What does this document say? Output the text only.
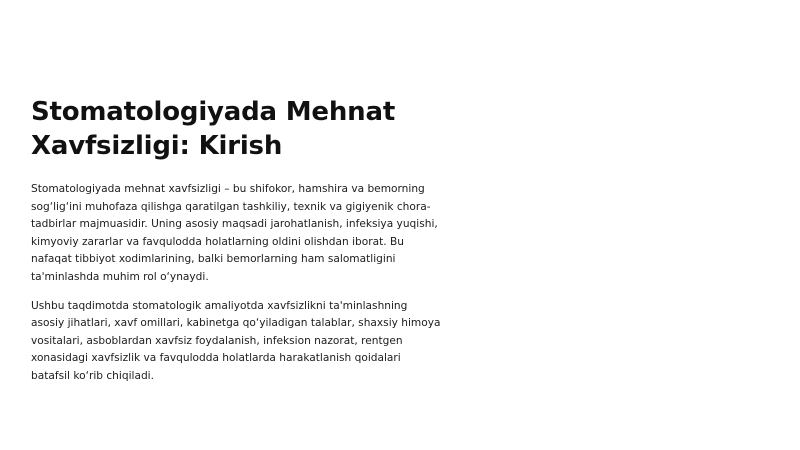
Stomatologiyada Mehnat Xavfsizligi: Kirish

Stomatologiyada mehnat xavfsizligi – bu shifokor, hamshira va bemorning sog‘lig‘ini muhofaza qilishga qaratilgan tashkiliy, texnik va gigiyenik chora-tadbirlar majmuasidir. Uning asosiy maqsadi jarohatlanish, infeksiya yuqishi, kimyoviy zararlar va favqulodda holatlarning oldini olishdan iborat. Bu nafaqat tibbiyot xodimlarining, balki bemorlarning ham salomatligini ta'minlashda muhim rol o‘ynaydi.

Ushbu taqdimotda stomatologik amaliyotda xavfsizlikni ta'minlashning asosiy jihatlari, xavf omillari, kabinetga qo‘yiladigan talablar, shaxsiy himoya vositalari, asboblardan xavfsiz foydalanish, infeksion nazorat, rentgen xonasidagi xavfsizlik va favqulodda holatlarda harakatlanish qoidalari batafsil ko‘rib chiqiladi.
